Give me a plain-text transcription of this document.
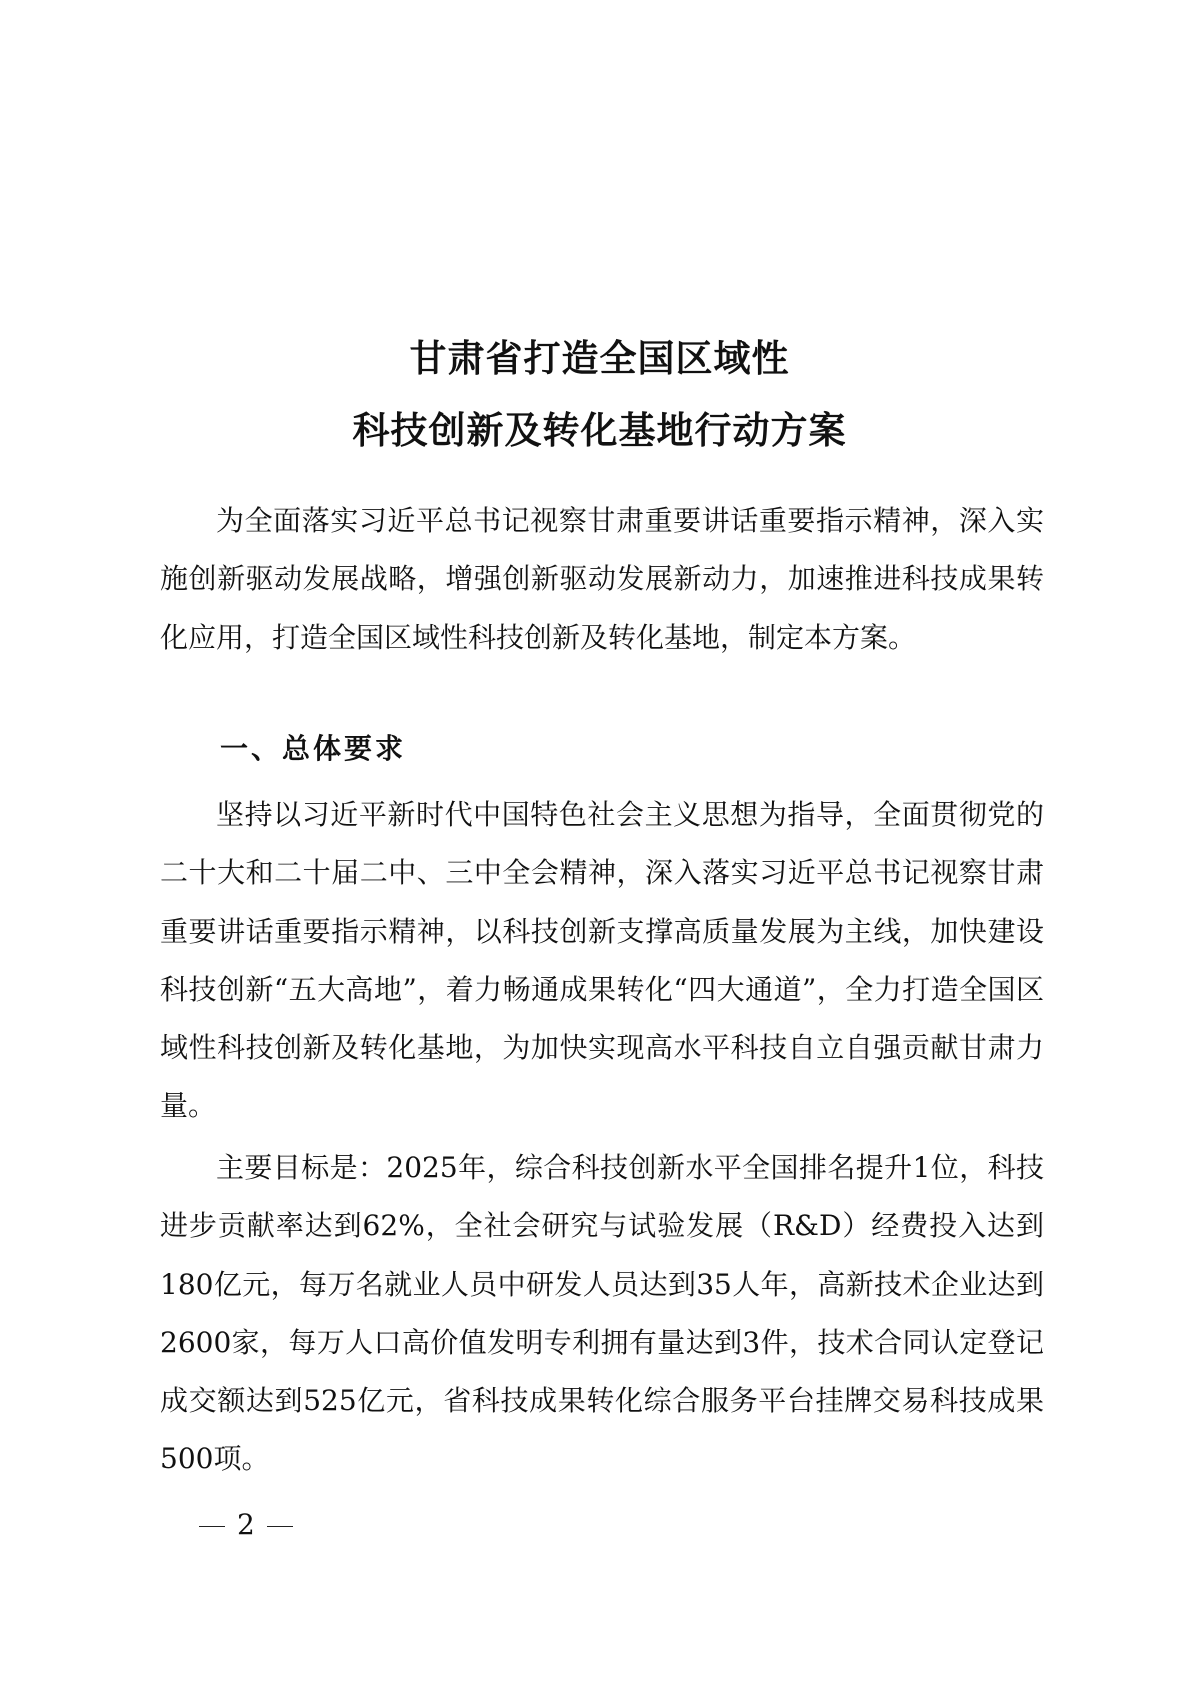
甘肃省打造全国区域性
科技创新及转化基地行动方案

为全面落实习近平总书记视察甘肃重要讲话重要指示精神，深入实施创新驱动发展战略，增强创新驱动发展新动力，加速推进科技成果转化应用，打造全国区域性科技创新及转化基地，制定本方案。

一、总体要求

坚持以习近平新时代中国特色社会主义思想为指导，全面贯彻党的二十大和二十届二中、三中全会精神，深入落实习近平总书记视察甘肃重要讲话重要指示精神，以科技创新支撑高质量发展为主线，加快建设科技创新“五大高地”，着力畅通成果转化“四大通道”，全力打造全国区域性科技创新及转化基地，为加快实现高水平科技自立自强贡献甘肃力量。

主要目标是：2025年，综合科技创新水平全国排名提升1位，科技进步贡献率达到62%，全社会研究与试验发展（R&D）经费投入达到180亿元，每万名就业人员中研发人员达到35人年，高新技术企业达到2600家，每万人口高价值发明专利拥有量达到3件，技术合同认定登记成交额达到525亿元，省科技成果转化综合服务平台挂牌交易科技成果500项。

2
